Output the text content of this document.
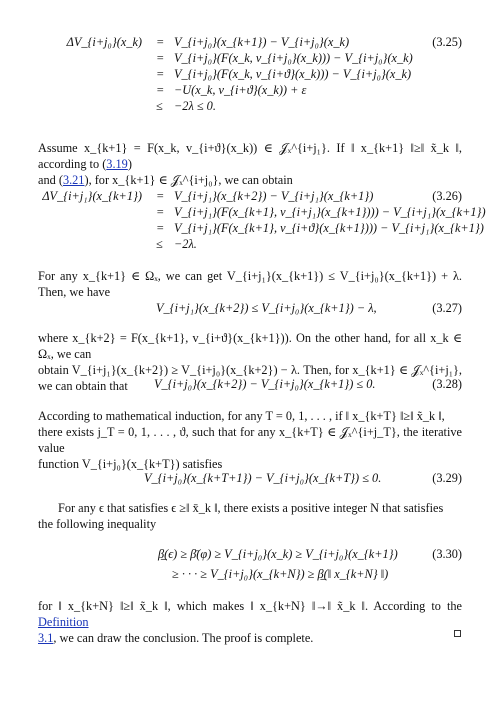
ΔV_{i+j₀}(x_k) = V_{i+j₀}(x_{k+1}) − V_{i+j₀}(x_k)
= V_{i+j₀}(F(x_k, v_{i+j₀}(x_k))) − V_{i+j₀}(x_k)
= V_{i+j₀}(F(x_k, v_{i+ϑ}(x_k))) − V_{i+j₀}(x_k)
= −U(x_k, v_{i+ϑ}(x_k)) + ε
≤ −2λ ≤ 0.
(3.25)

Assume x_{k+1} = F(x_k, v_{i+ϑ}(x_k)) ∈ 𝒥ₓ^{i+j₁}. If ‖ x_{k+1} ‖≥‖ x̃_k ‖, according to (3.19)
and (3.21), for x_{k+1} ∈ 𝒥ₓ^{i+j₀}, we can obtain

ΔV_{i+j₁}(x_{k+1}) = V_{i+j₁}(x_{k+2}) − V_{i+j₁}(x_{k+1})
= V_{i+j₁}(F(x_{k+1}, v_{i+j₁}(x_{k+1}))) − V_{i+j₁}(x_{k+1})
= V_{i+j₁}(F(x_{k+1}, v_{i+ϑ}(x_{k+1}))) − V_{i+j₁}(x_{k+1})
≤ −2λ.
(3.26)

For any x_{k+1} ∈ Ωₓ, we can get V_{i+j₁}(x_{k+1}) ≤ V_{i+j₀}(x_{k+1}) + λ. Then, we have

V_{i+j₁}(x_{k+2}) ≤ V_{i+j₀}(x_{k+1}) − λ,	(3.27)

where x_{k+2} = F(x_{k+1}, v_{i+ϑ}(x_{k+1})). On the other hand, for all x_k ∈ Ωₓ, we can
obtain V_{i+j₁}(x_{k+2}) ≥ V_{i+j₀}(x_{k+2}) − λ. Then, for x_{k+1} ∈ 𝒥ₓ^{i+j₁}, we can obtain that	V_{i+j₀}(x_{k+2}) − V_{i+j₀}(x_{k+1}) ≤ 0.	(3.28)

According to mathematical induction, for any T = 0, 1, . . . , if ‖ x_{k+T} ‖≥‖ x̃_k ‖,
there exists j_T = 0, 1, . . . , ϑ, such that for any x_{k+T} ∈ 𝒥ₓ^{i+j_T}, the iterative value
function V_{i+j₀}(x_{k+T}) satisfies

V_{i+j₀}(x_{k+T+1}) − V_{i+j₀}(x_{k+T}) ≤ 0.	(3.29)

For any ϵ that satisfies ϵ ≥‖ x̄_k ‖, there exists a positive integer N that satisfies
the following inequality

β̲(ϵ) ≥ β̄(φ) ≥ V_{i+j₀}(x_k) ≥ V_{i+j₀}(x_{k+1})
≥ · · · ≥ V_{i+j₀}(x_{k+N}) ≥ β̲(‖ x_{k+N} ‖)
(3.30)

for ‖ x_{k+N} ‖≥‖ x̃_k ‖, which makes ‖ x_{k+N} ‖→‖ x̃_k ‖. According to the Definition
3.1, we can draw the conclusion. The proof is complete.
